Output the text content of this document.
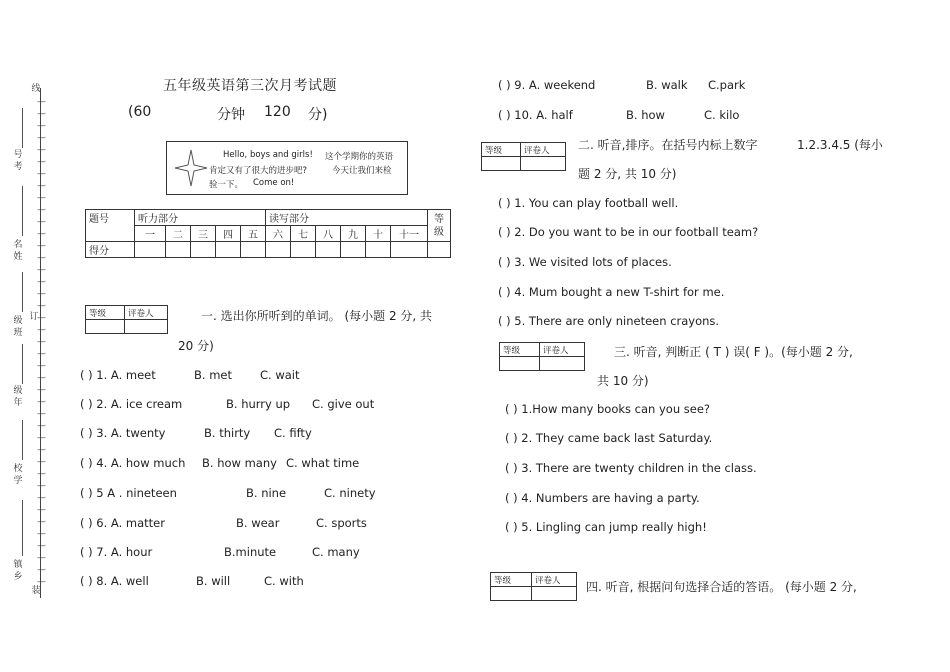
线
号
考
名
姓
订
级
班
级
年
校
学
镇
乡
装
—
—
—
—
—
—
—
—
—
—
—
—
—
—
—
—
—
—
—
—
—
—
—
—
—
—
—
—
—
—
—
—
—
—
—
—
—
—
—
—
—
五年级英语第三次月考试题
(60	分钟 120 分)
Hello, boys and girls! 这个学期你的英语
肯定又有了很大的进步吧?	今天让我们来检
验一下。 Come on!
题号	听力部分					读写部分						等
级
	一	二	三	四	五	六	七	八	九	十	十一	
得分												
等级	评卷人
		一. 选出你所听到的单词。 (每小题 2 分, 共
20 分)
( ) 1. A. meet	B. met C. wait
( ) 2. A. ice cream	B. hurry up C. give out
( ) 3. A. twenty	B. thirty C. fifty
( ) 4. A. how much B. how many C. what time
( ) 5 A . nineteen	B. nine	C. ninety
( ) 6. A. matter	B. wear	C. sports
( ) 7. A. hour	B.minute	C. many
( ) 8. A. well	B. will	C. with
( ) 9. A. weekend	B. walk C.park
( ) 10. A. half	B. how	C. kilo
等级	评卷人
	二. 听音,排序。在括号内标上数字	1.2.3.4.5 (每小
题 2 分, 共 10 分)
( ) 1. You can play football well.
( ) 2. Do you want to be in our football team?
( ) 3. We visited lots of places.
( ) 4. Mum bought a new T-shirt for me.
( ) 5. There are only nineteen crayons.
等级	评卷人
		三. 听音, 判断正 ( T ) 误( F )。(每小题 2 分,
共 10 分)
( ) 1.How many books can you see?
( ) 2. They came back last Saturday.
( ) 3. There are twenty children in the class.
( ) 4. Numbers are having a party.
( ) 5. Lingling can jump really high!
等级	评卷人
	四. 听音, 根据问句选择合适的答语。 (每小题 2 分,
